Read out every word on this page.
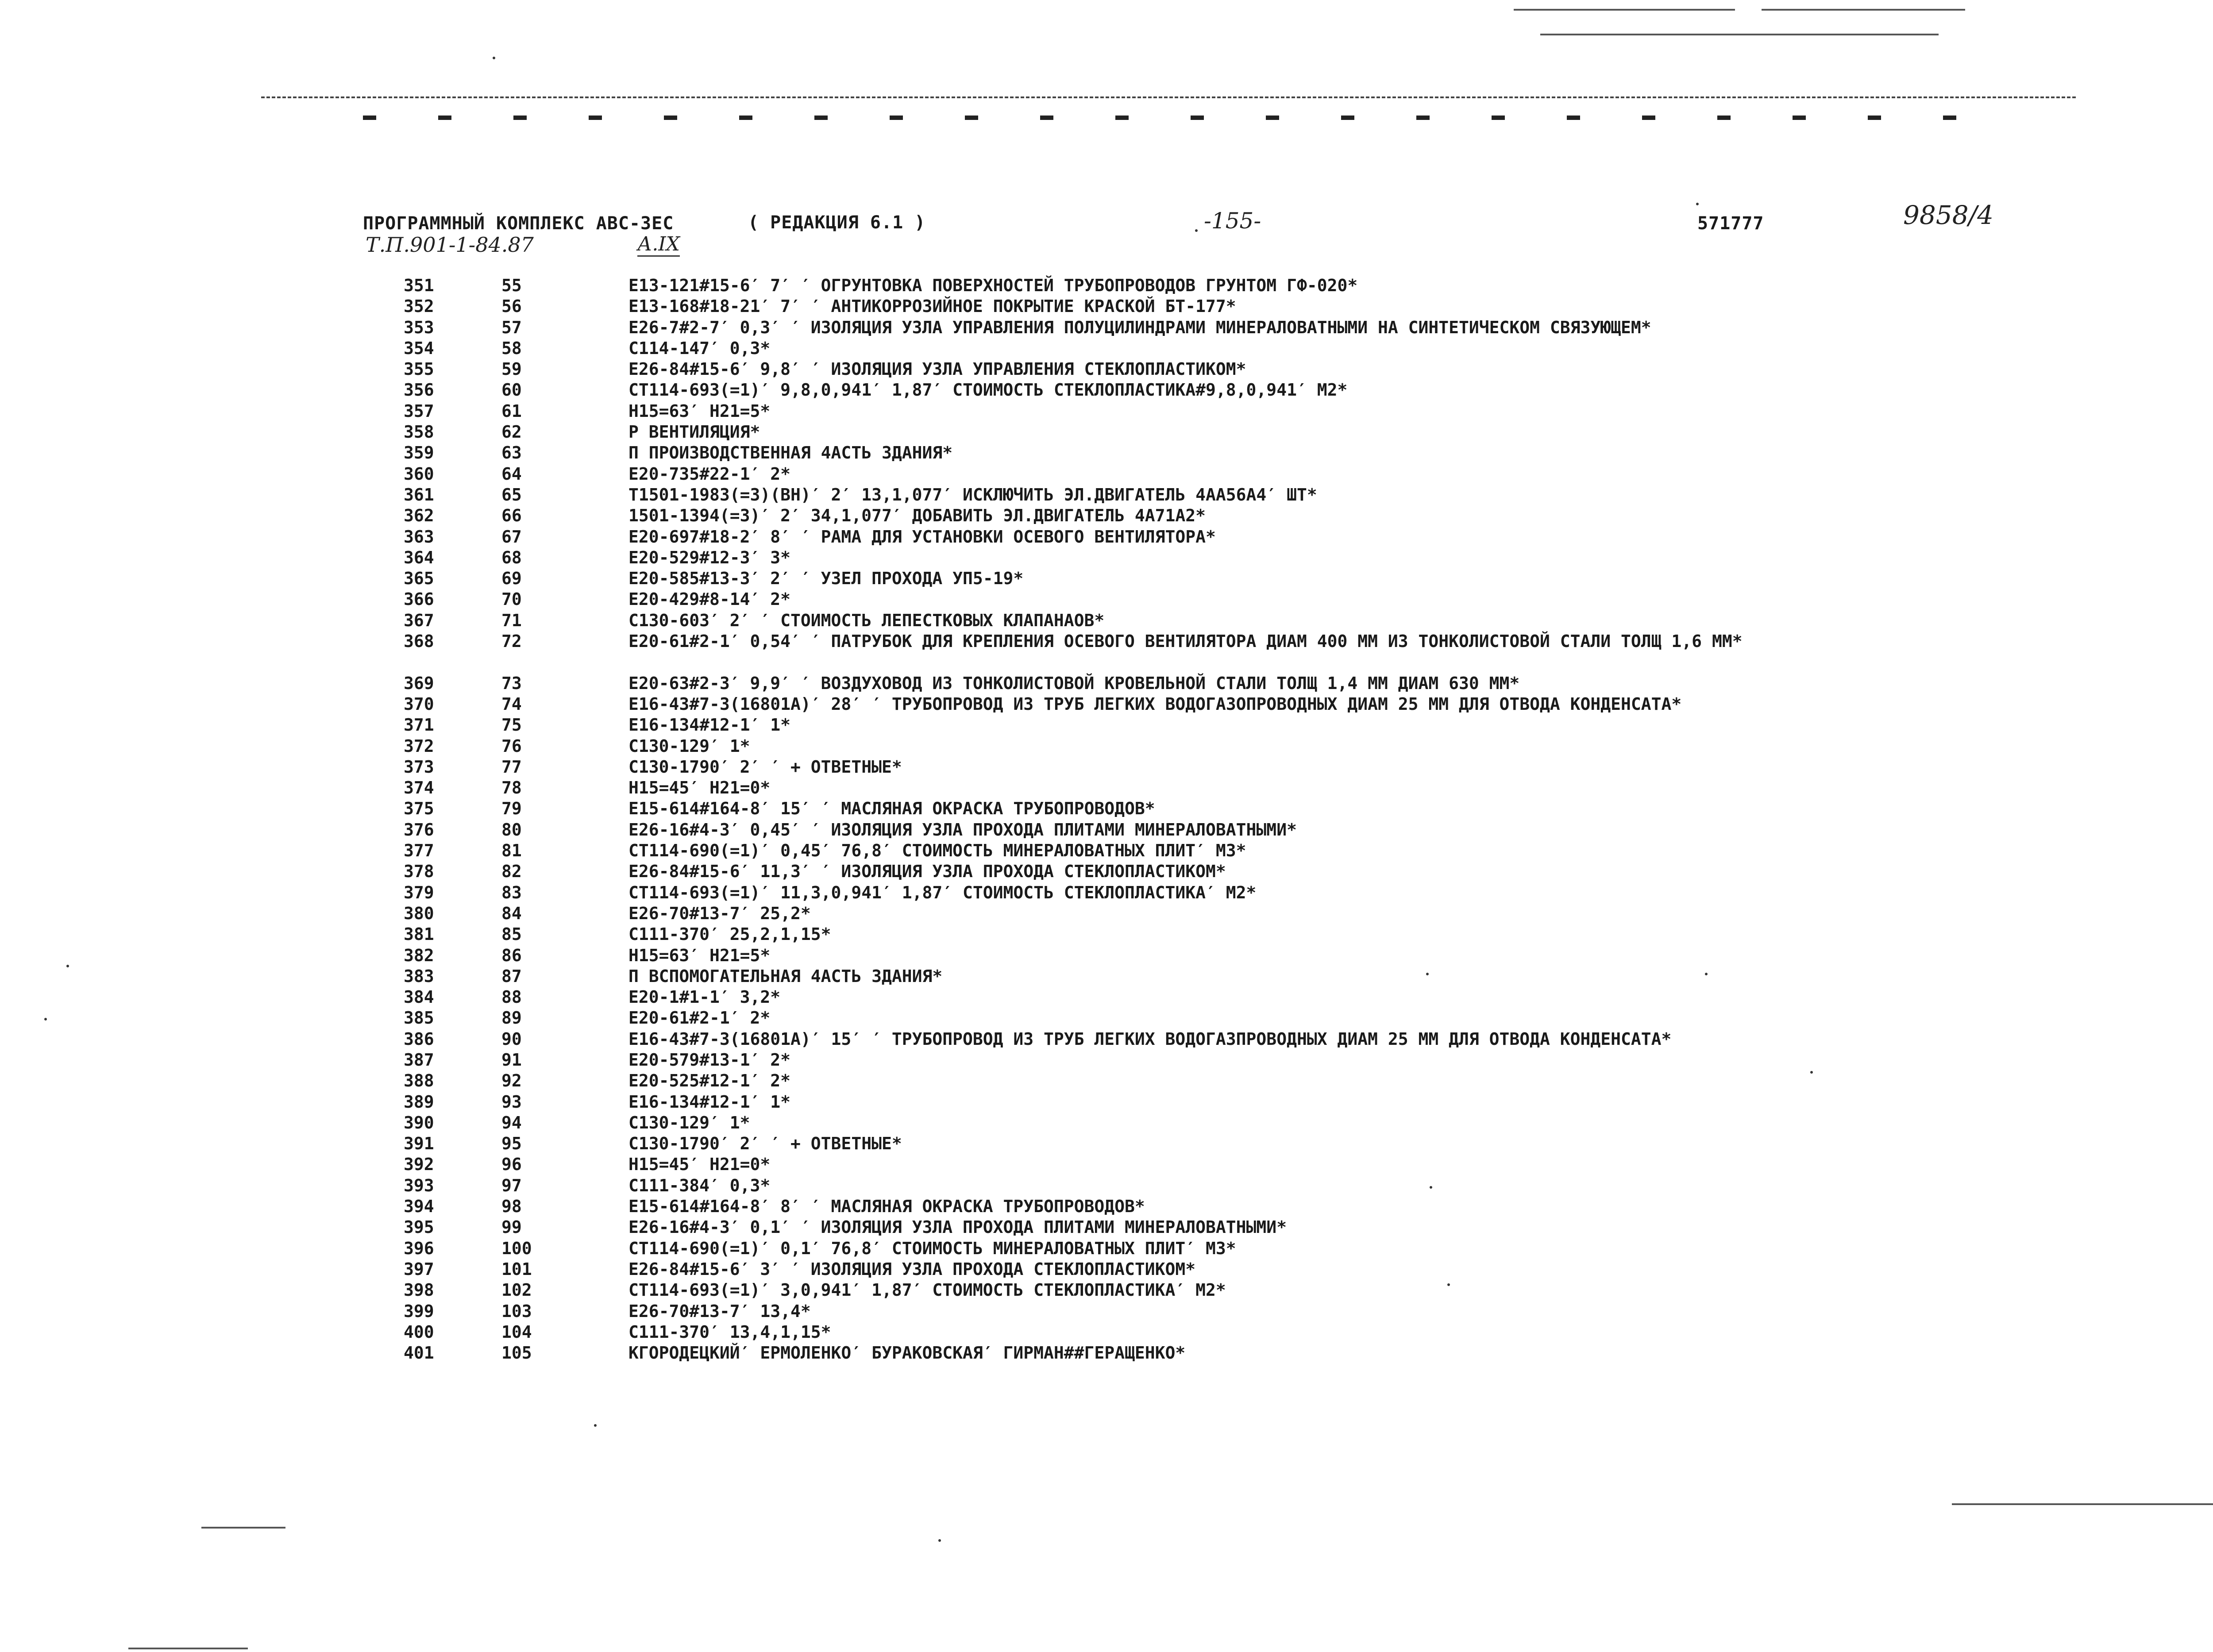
ПРОГРАММНЫЙ КОМПЛЕКС АВС-ЗЕС	( РЕДАКЦИЯ 6.1 )	-155-	571777	9858/4
Т.П.901-1-84.87	А.IX
351	55	Е13-121#15-6′ 7′ ′ ОГРУНТОВКА ПОВЕРХНОСТЕЙ ТРУБОПРОВОДОВ ГРУНТОМ ГФ-020*
352	56	Е13-168#18-21′ 7′ ′ АНТИКОРРОЗИЙНОЕ ПОКРЫТИЕ КРАСКОЙ БТ-177*
353	57	Е26-7#2-7′ 0,3′ ′ ИЗОЛЯЦИЯ УЗЛА УПРАВЛЕНИЯ ПОЛУЦИЛИНДРАМИ МИНЕРАЛОВАТНЫМИ НА СИНТЕТИЧЕСКОМ СВЯЗУЮЩЕМ*
354	58	С114-147′ 0,3*
355	59	Е26-84#15-6′ 9,8′ ′ ИЗОЛЯЦИЯ УЗЛА УПРАВЛЕНИЯ СТЕКЛОПЛАСТИКОМ*
356	60	СТ114-693(=1)′ 9,8,0,941′ 1,87′ СТОИМОСТЬ СТЕКЛОПЛАСТИКА#9,8,0,941′ М2*
357	61	Н15=63′ Н21=5*
358	62	Р ВЕНТИЛЯЦИЯ*
359	63	П ПРОИЗВОДСТВЕННАЯ 4АСТЬ ЗДАНИЯ*
360	64	Е20-735#22-1′ 2*
361	65	Т1501-1983(=3)(ВН)′ 2′ 13,1,077′ ИСКЛЮЧИТЬ ЭЛ.ДВИГАТЕЛЬ 4АА56А4′ ШТ*
362	66	1501-1394(=3)′ 2′ 34,1,077′ ДОБАВИТЬ ЭЛ.ДВИГАТЕЛЬ 4А71А2*
363	67	Е20-697#18-2′ 8′ ′ РАМА ДЛЯ УСТАНОВКИ ОСЕВОГО ВЕНТИЛЯТОРА*
364	68	Е20-529#12-3′ 3*
365	69	Е20-585#13-3′ 2′ ′ УЗЕЛ ПРОХОДА УП5-19*
366	70	Е20-429#8-14′ 2*
367	71	С130-603′ 2′ ′ СТОИМОСТЬ ЛЕПЕСТКОВЫХ КЛАПАНАОВ*
368	72	Е20-61#2-1′ 0,54′ ′ ПАТРУБОК ДЛЯ КРЕПЛЕНИЯ ОСЕВОГО ВЕНТИЛЯТОРА ДИАМ 400 ММ ИЗ ТОНКОЛИСТОВОЙ СТАЛИ ТОЛЩ 1,6 ММ*
369	73	Е20-63#2-3′ 9,9′ ′ ВОЗДУХОВОД ИЗ ТОНКОЛИСТОВОЙ КРОВЕЛЬНОЙ СТАЛИ ТОЛЩ 1,4 ММ ДИАМ 630 ММ*
370	74	Е16-43#7-3(16801А)′ 28′ ′ ТРУБОПРОВОД ИЗ ТРУБ ЛЕГКИХ ВОДОГАЗОПРОВОДНЫХ ДИАМ 25 ММ ДЛЯ ОТВОДА КОНДЕНСАТА*
371	75	Е16-134#12-1′ 1*
372	76	С130-129′ 1*
373	77	С130-1790′ 2′ ′ + ОТВЕТНЫЕ*
374	78	Н15=45′ Н21=0*
375	79	Е15-614#164-8′ 15′ ′ МАСЛЯНАЯ ОКРАСКА ТРУБОПРОВОДОВ*
376	80	Е26-16#4-3′ 0,45′ ′ ИЗОЛЯЦИЯ УЗЛА ПРОХОДА ПЛИТАМИ МИНЕРАЛОВАТНЫМИ*
377	81	СТ114-690(=1)′ 0,45′ 76,8′ СТОИМОСТЬ МИНЕРАЛОВАТНЫХ ПЛИТ′ М3*
378	82	Е26-84#15-6′ 11,3′ ′ ИЗОЛЯЦИЯ УЗЛА ПРОХОДА СТЕКЛОПЛАСТИКОМ*
379	83	СТ114-693(=1)′ 11,3,0,941′ 1,87′ СТОИМОСТЬ СТЕКЛОПЛАСТИКА′ М2*
380	84	Е26-70#13-7′ 25,2*
381	85	С111-370′ 25,2,1,15*
382	86	Н15=63′ Н21=5*
383	87	П ВСПОМОГАТЕЛЬНАЯ 4АСТЬ ЗДАНИЯ*
384	88	Е20-1#1-1′ 3,2*
385	89	Е20-61#2-1′ 2*
386	90	Е16-43#7-3(16801А)′ 15′ ′ ТРУБОПРОВОД ИЗ ТРУБ ЛЕГКИХ ВОДОГАЗПРОВОДНЫХ ДИАМ 25 ММ ДЛЯ ОТВОДА КОНДЕНСАТА*
387	91	Е20-579#13-1′ 2*
388	92	Е20-525#12-1′ 2*
389	93	Е16-134#12-1′ 1*
390	94	С130-129′ 1*
391	95	С130-1790′ 2′ ′ + ОТВЕТНЫЕ*
392	96	Н15=45′ Н21=0*
393	97	С111-384′ 0,3*
394	98	Е15-614#164-8′ 8′ ′ МАСЛЯНАЯ ОКРАСКА ТРУБОПРОВОДОВ*
395	99	Е26-16#4-3′ 0,1′ ′ ИЗОЛЯЦИЯ УЗЛА ПРОХОДА ПЛИТАМИ МИНЕРАЛОВАТНЫМИ*
396	100	СТ114-690(=1)′ 0,1′ 76,8′ СТОИМОСТЬ МИНЕРАЛОВАТНЫХ ПЛИТ′ М3*
397	101	Е26-84#15-6′ 3′ ′ ИЗОЛЯЦИЯ УЗЛА ПРОХОДА СТЕКЛОПЛАСТИКОМ*
398	102	СТ114-693(=1)′ 3,0,941′ 1,87′ СТОИМОСТЬ СТЕКЛОПЛАСТИКА′ М2*
399	103	Е26-70#13-7′ 13,4*
400	104	С111-370′ 13,4,1,15*
401	105	КГОРОДЕЦКИЙ′ ЕРМОЛЕНКО′ БУРАКОВСКАЯ′ ГИРМАН##ГЕРАЩЕНКО*
